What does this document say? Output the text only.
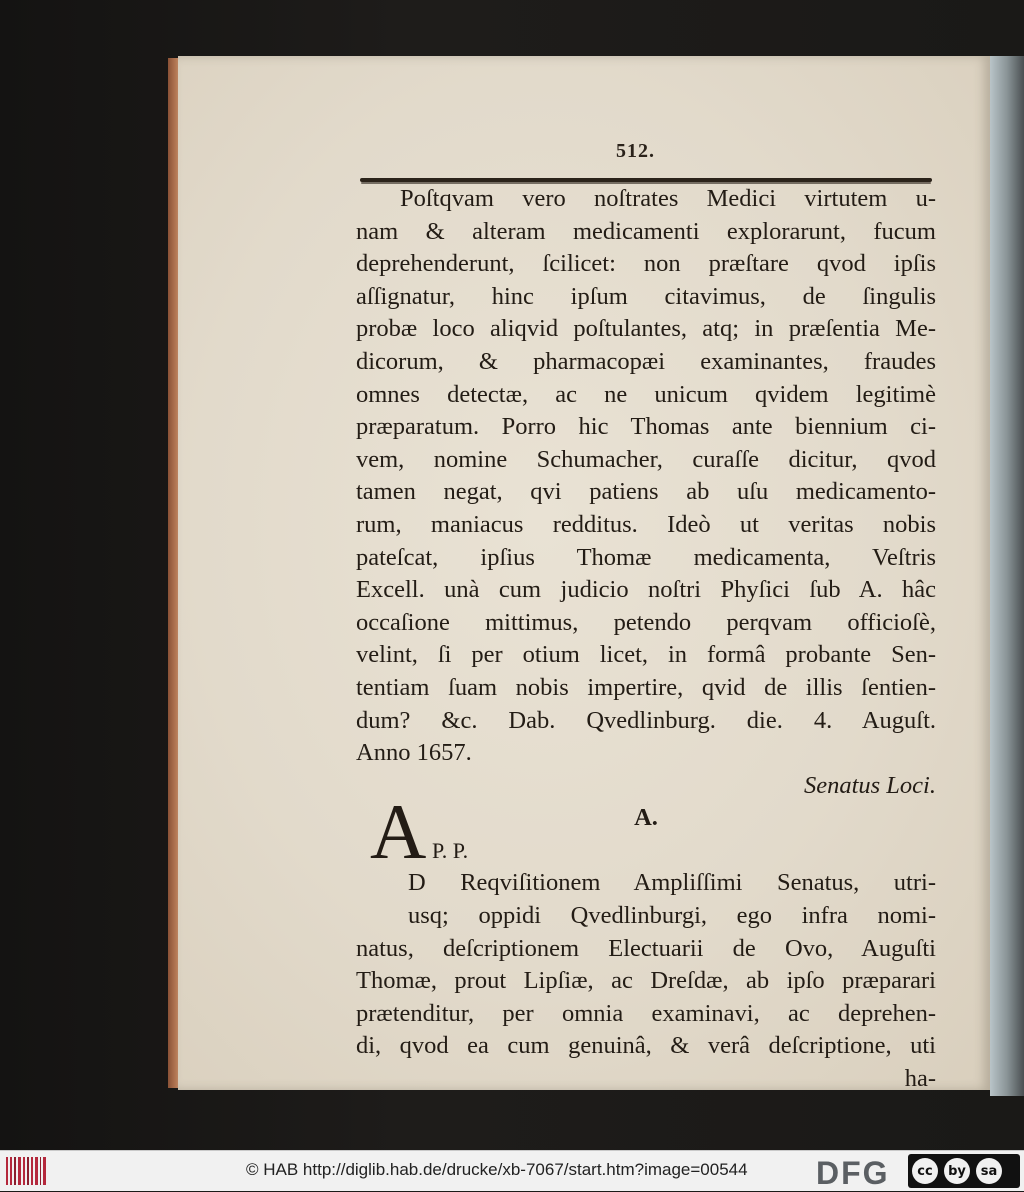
512.
Poſtqvam vero noſtrates Medici virtutem u-
nam & alteram medicamenti explorarunt, fucum
deprehenderunt, ſcilicet: non præſtare qvod ipſis
aſſignatur, hinc ipſum citavimus, de ſingulis
probæ loco aliqvid poſtulantes, atq; in præſentia Me-
dicorum, & pharmacopæi examinantes, fraudes
omnes detectæ, ac ne unicum qvidem legitimè
præparatum. Porro hic Thomas ante biennium ci-
vem, nomine Schumacher, curaſſe dicitur, qvod
tamen negat, qvi patiens ab uſu medicamento-
rum, maniacus redditus. Ideò ut veritas nobis
pateſcat, ipſius Thomæ medicamenta, Veſtris
Excell. unà cum judicio noſtri Phyſici ſub A. hâc
occaſione mittimus, petendo perqvam officioſè,
velint, ſi per otium licet, in formâ probante Sen-
tentiam ſuam nobis impertire, qvid de illis ſentien-
dum? &c. Dab. Qvedlinburg. die. 4. Auguſt.
Anno 1657.
Senatus Loci.
A.
P. P.
D Reqviſitionem Ampliſſimi Senatus, utri-
usq; oppidi Qvedlinburgi, ego infra nomi-
natus, deſcriptionem Electuarii de Ovo, Auguſti
Thomæ, prout Lipſiæ, ac Dreſdæ, ab ipſo præparari
prætenditur, per omnia examinavi, ac deprehen-
di, qvod ea cum genuinâ, & verâ deſcriptione, uti
ha-
A
© HAB http://diglib.hab.de/drucke/xb-7067/start.htm?image=00544 DFG	cc	by	sa
